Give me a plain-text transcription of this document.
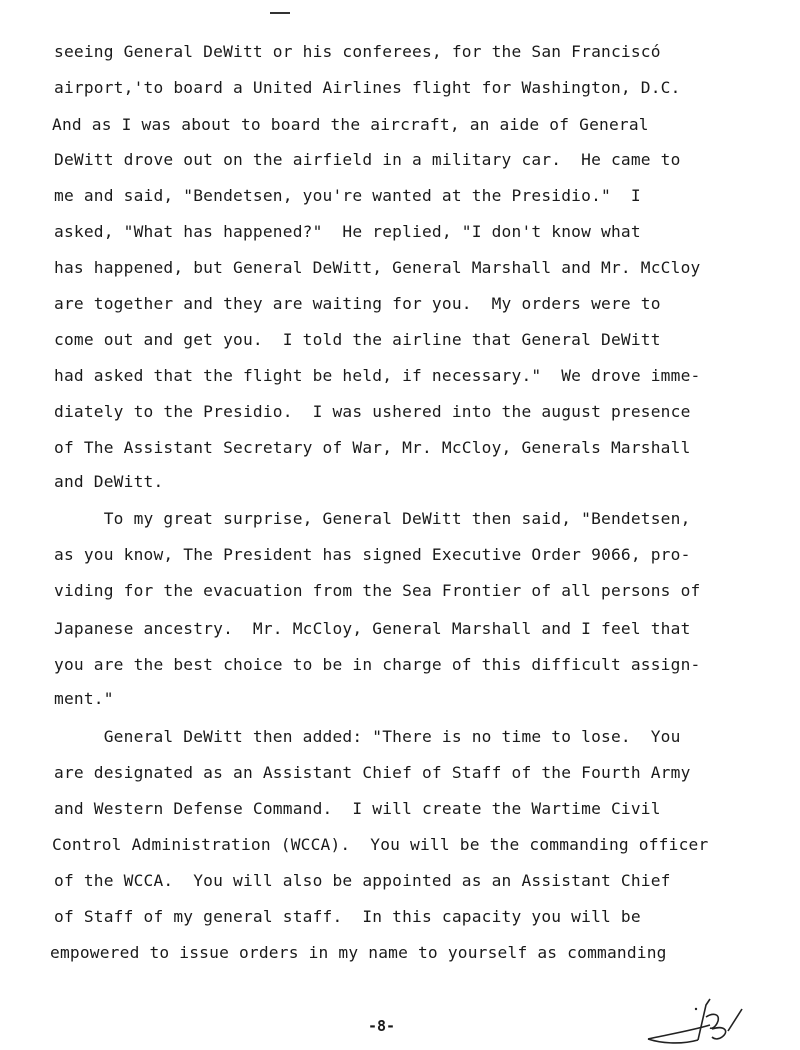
seeing General DeWitt or his conferees, for the San Franciscó
airport,'to board a United Airlines flight for Washington, D.C.
And as I was about to board the aircraft, an aide of General
DeWitt drove out on the airfield in a military car.  He came to
me and said, "Bendetsen, you're wanted at the Presidio."  I
asked, "What has happened?"  He replied, "I don't know what
has happened, but General DeWitt, General Marshall and Mr. McCloy
are together and they are waiting for you.  My orders were to
come out and get you.  I told the airline that General DeWitt
had asked that the flight be held, if necessary."  We drove imme-
diately to the Presidio.  I was ushered into the august presence
of The Assistant Secretary of War, Mr. McCloy, Generals Marshall
and DeWitt.
To my great surprise, General DeWitt then said, "Bendetsen,
as you know, The President has signed Executive Order 9066, pro-
viding for the evacuation from the Sea Frontier of all persons of
Japanese ancestry.  Mr. McCloy, General Marshall and I feel that
you are the best choice to be in charge of this difficult assign-
ment."
General DeWitt then added: "There is no time to lose.  You
are designated as an Assistant Chief of Staff of the Fourth Army
and Western Defense Command.  I will create the Wartime Civil
Control Administration (WCCA).  You will be the commanding officer
of the WCCA.  You will also be appointed as an Assistant Chief
of Staff of my general staff.  In this capacity you will be
empowered to issue orders in my name to yourself as commanding
-8-
